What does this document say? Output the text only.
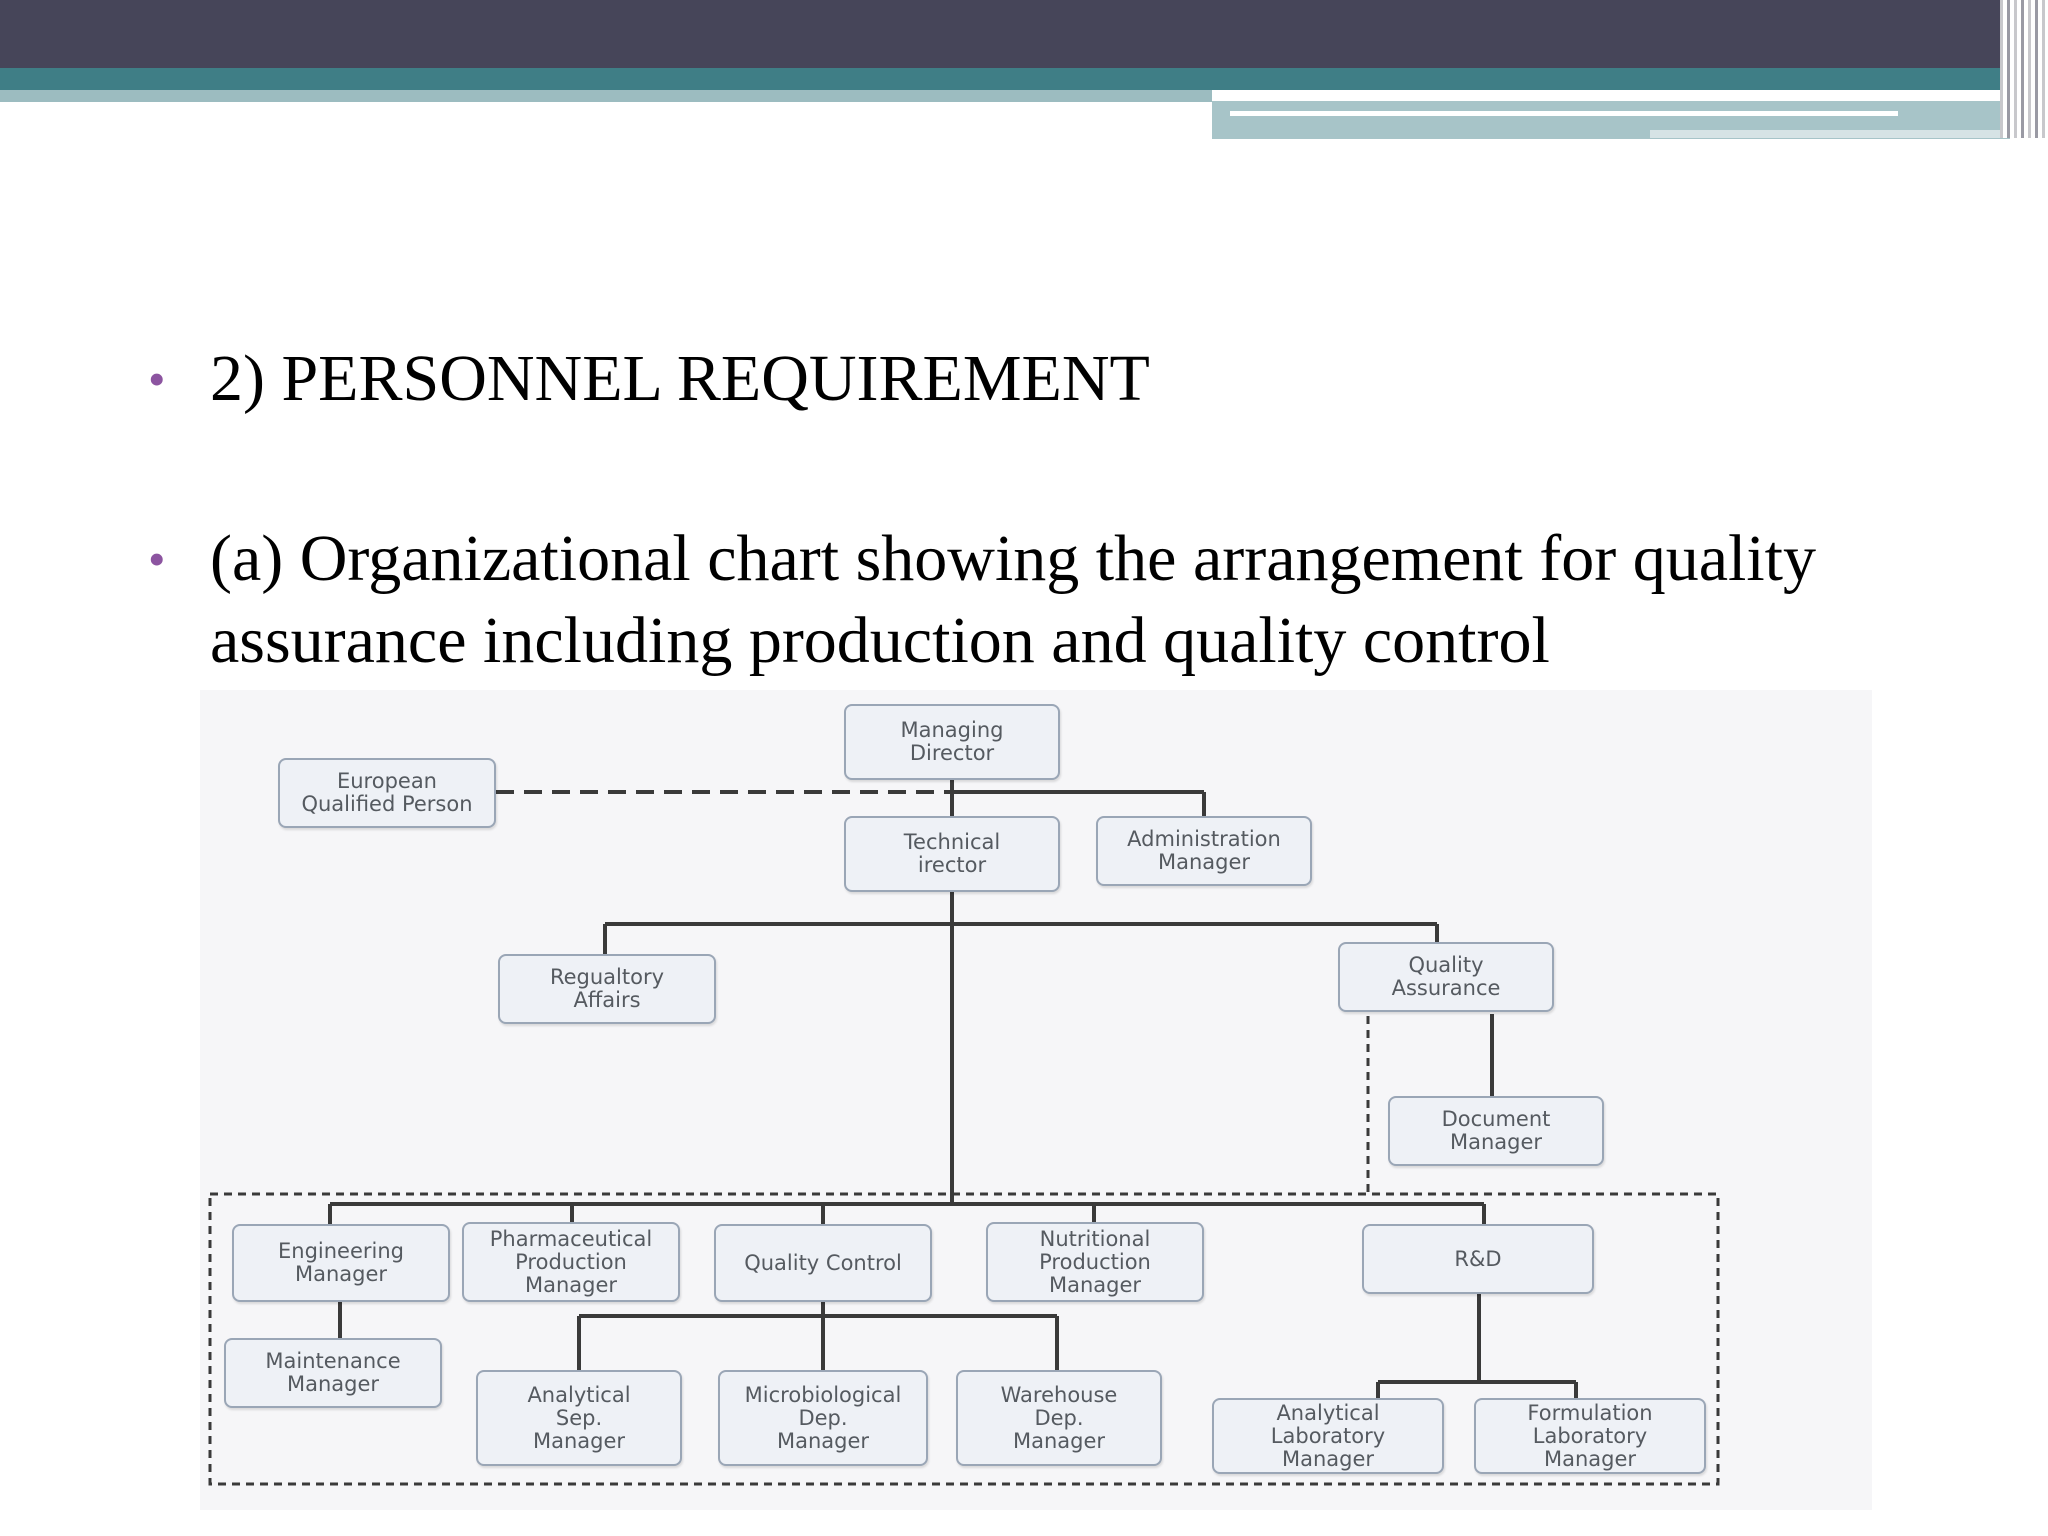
• 2) PERSONNEL REQUIREMENT
• (a) Organizational chart showing the arrangement for quality assurance including production and quality control
Managing
Director
European
Qualified Person
Technical
irector
Administration
Manager
Regualtory
Affairs
Quality
Assurance
Document
Manager
Engineering
Manager
Pharmaceutical
Production
Manager
Quality Control
Nutritional
Production
Manager
R&D
Maintenance
Manager	Analytical
Sep.
Manager
Microbiological
Dep.
Manager
Warehouse
Dep.
Manager
Analytical
Laboratory
Manager
Formulation
Laboratory
Manager
